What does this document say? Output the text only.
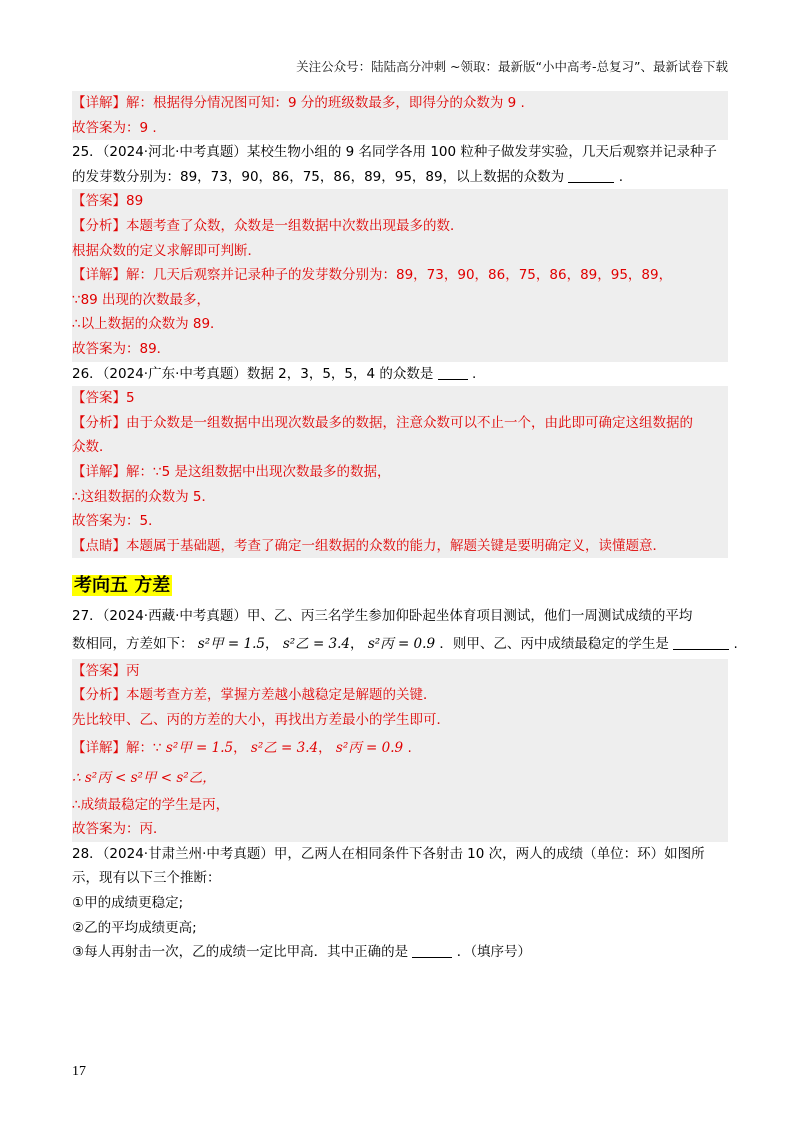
关注公众号：陆陆高分冲刺 ~领取：最新版“小中高考-总复习”、最新试卷下载
【详解】解：根据得分情况图可知：9 分的班级数最多，即得分的众数为 9 .
故答案为：9 .
25．（2024·河北·中考真题）某校生物小组的 9 名同学各用 100 粒种子做发芽实验，几天后观察并记录种子
的发芽数分别为：89，73，90，86，75，86，89，95，89，以上数据的众数为	.
【答案】89
【分析】本题考查了众数，众数是一组数据中次数出现最多的数．
根据众数的定义求解即可判断．
【详解】解：几天后观察并记录种子的发芽数分别为：89，73，90，86，75，86，89，95，89，
∵89 出现的次数最多，
∴以上数据的众数为 89．
故答案为：89．
26．（2024·广东·中考真题）数据 2，3，5，5，4 的众数是	.
【答案】5
【分析】由于众数是一组数据中出现次数最多的数据，注意众数可以不止一个，由此即可确定这组数据的
众数．
【详解】解：∵5 是这组数据中出现次数最多的数据，
∴这组数据的众数为 5．
故答案为：5．
【点睛】本题属于基础题，考查了确定一组数据的众数的能力，解题关键是要明确定义，读懂题意．
考向五 方差
27．（2024·西藏·中考真题）甲、乙、丙三名学生参加仰卧起坐体育项目测试，他们一周测试成绩的平均
数相同，方差如下： s²甲 = 1.5， s²乙 = 3.4， s²丙 = 0.9 ．则甲、乙、丙中成绩最稳定的学生是	.
【答案】丙
【分析】本题考查方差，掌握方差越小越稳定是解题的关键．
先比较甲、乙、丙的方差的大小，再找出方差最小的学生即可．
【详解】解：∵ s²甲 = 1.5， s²乙 = 3.4， s²丙 = 0.9 .
∴ s²丙 < s²甲 < s²乙，
∴成绩最稳定的学生是丙，
故答案为：丙．
28．（2024·甘肃兰州·中考真题）甲，乙两人在相同条件下各射击 10 次，两人的成绩（单位：环）如图所
示，现有以下三个推断：
①甲的成绩更稳定;
②乙的平均成绩更高;
③每人再射击一次，乙的成绩一定比甲高．其中正确的是	．（填序号）
17
